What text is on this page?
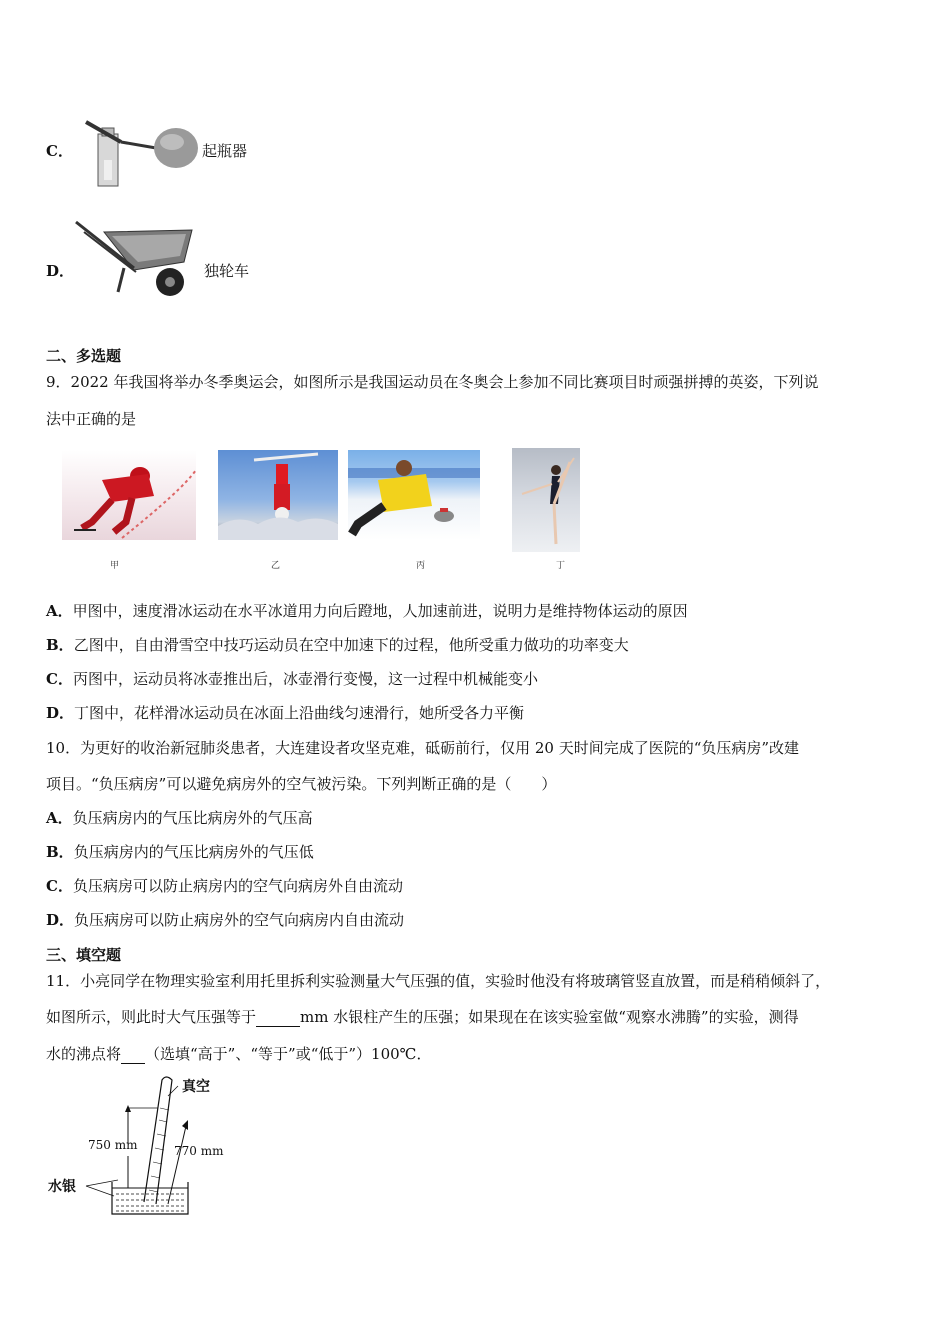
C．	起瓶器
D．	独轮车
二、多选题
9．2022 年我国将举办冬季奥运会，如图所示是我国运动员在冬奥会上参加不同比赛项目时顽强拼搏的英姿，下列说
法中正确的是
甲	乙	丙	丁
A．甲图中，速度滑冰运动在水平冰道用力向后蹬地，人加速前进，说明力是维持物体运动的原因
B．乙图中，自由滑雪空中技巧运动员在空中加速下的过程，他所受重力做功的功率变大
C．丙图中，运动员将冰壶推出后，冰壶滑行变慢，这一过程中机械能变小
D．丁图中，花样滑冰运动员在冰面上沿曲线匀速滑行，她所受各力平衡
10．为更好的收治新冠肺炎患者，大连建设者攻坚克难，砥砺前行，仅用 20 天时间完成了医院的“负压病房”改建
项目。“负压病房”可以避免病房外的空气被污染。下列判断正确的是（　　）
A．负压病房内的气压比病房外的气压高
B．负压病房内的气压比病房外的气压低
C．负压病房可以防止病房内的空气向病房外自由流动
D．负压病房可以防止病房外的空气向病房内自由流动
三、填空题
11．小亮同学在物理实验室利用托里拆利实验测量大气压强的值，实验时他没有将玻璃管竖直放置，而是稍稍倾斜了，
如图所示，则此时大气压强等于	mm 水银柱产生的压强；如果现在在该实验室做“观察水沸腾”的实验，测得
水的沸点将 （选填“高于”、“等于”或“低于”）100℃．
真空
750 mm	770 mm
水银
